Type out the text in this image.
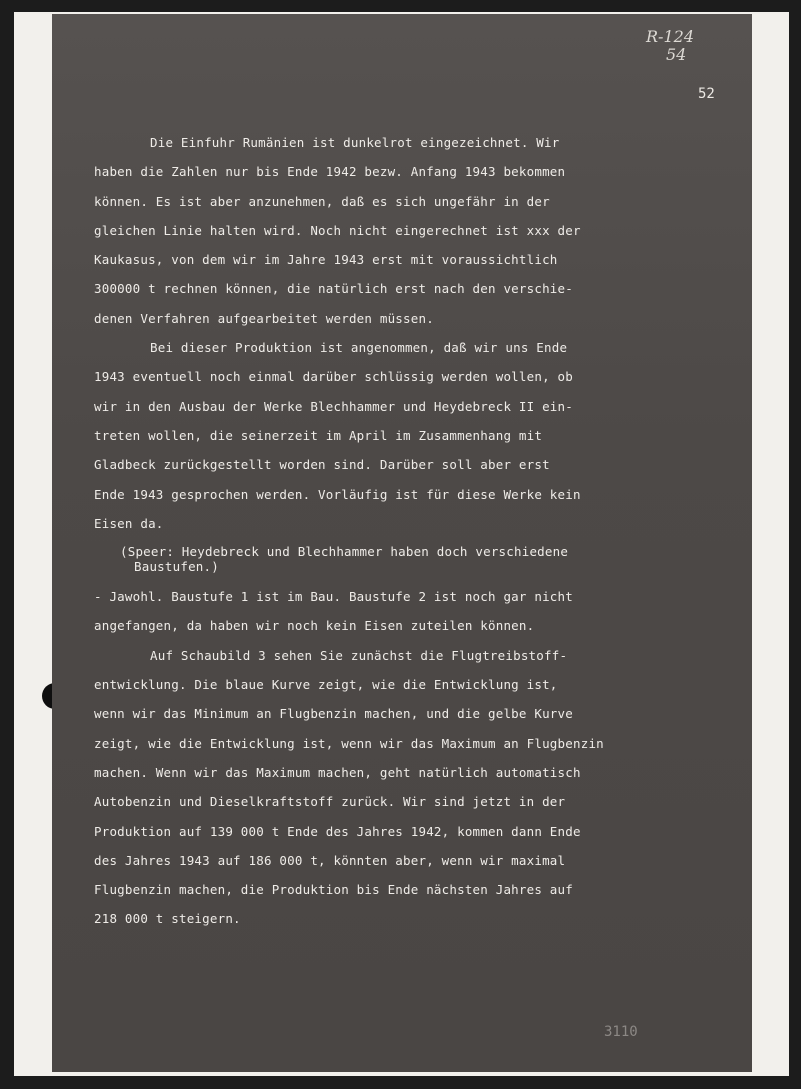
R-124
54
52
Die Einfuhr Rumänien ist dunkelrot eingezeichnet. Wir
haben die Zahlen nur bis Ende 1942 bezw. Anfang 1943 bekommen
können. Es ist aber anzunehmen, daß es sich ungefähr in der
gleichen Linie halten wird. Noch nicht eingerechnet ist xxx der
Kaukasus, von dem wir im Jahre 1943 erst mit voraussichtlich
300000 t rechnen können, die natürlich erst nach den verschie-
denen Verfahren aufgearbeitet werden müssen.
Bei dieser Produktion ist angenommen, daß wir uns Ende
1943 eventuell noch einmal darüber schlüssig werden wollen, ob
wir in den Ausbau der Werke Blechhammer und Heydebreck II ein-
treten wollen, die seinerzeit im April im Zusammenhang mit
Gladbeck zurückgestellt worden sind. Darüber soll aber erst
Ende 1943 gesprochen werden. Vorläufig ist für diese Werke kein
Eisen da.
(Speer: Heydebreck und Blechhammer haben doch verschiedene
Baustufen.)
- Jawohl. Baustufe 1 ist im Bau. Baustufe 2 ist noch gar nicht
angefangen, da haben wir noch kein Eisen zuteilen können.
Auf Schaubild 3 sehen Sie zunächst die Flugtreibstoff-
entwicklung. Die blaue Kurve zeigt, wie die Entwicklung ist,
wenn wir das Minimum an Flugbenzin machen, und die gelbe Kurve
zeigt, wie die Entwicklung ist, wenn wir das Maximum an Flugbenzin
machen. Wenn wir das Maximum machen, geht natürlich automatisch
Autobenzin und Dieselkraftstoff zurück. Wir sind jetzt in der
Produktion auf 139 000 t Ende des Jahres 1942, kommen dann Ende
des Jahres 1943 auf 186 000 t, könnten aber, wenn wir maximal
Flugbenzin machen, die Produktion bis Ende nächsten Jahres auf
218 000 t steigern.
3110
